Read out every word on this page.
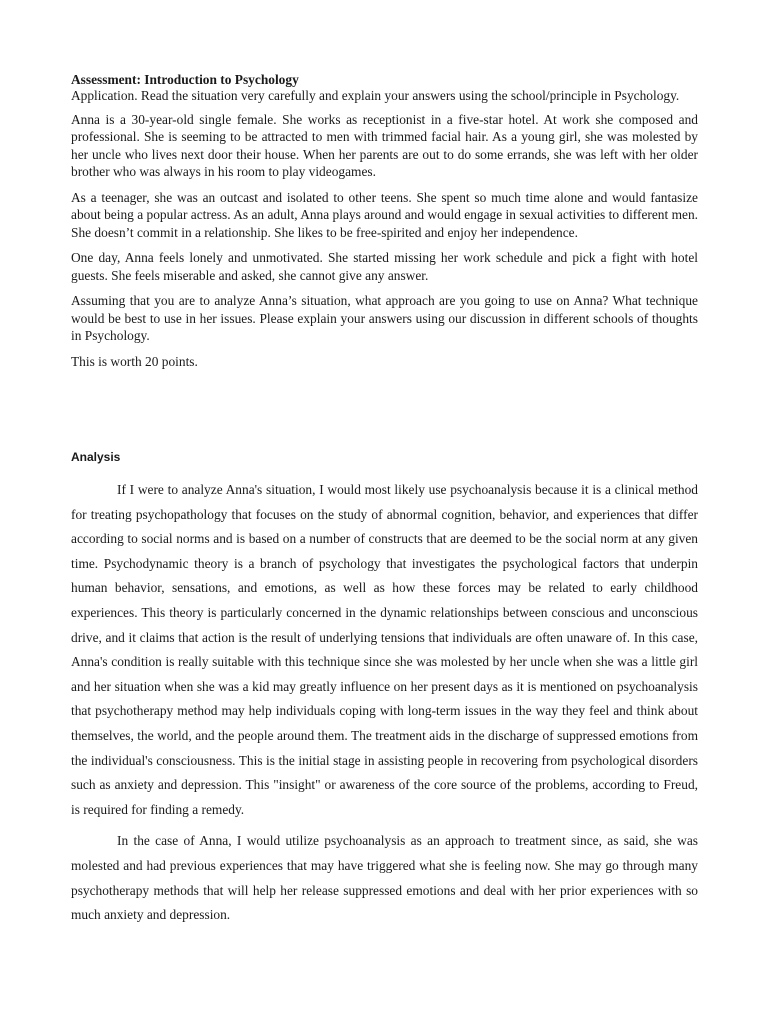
Assessment: Introduction to Psychology

Application. Read the situation very carefully and explain your answers using the school/principle in Psychology.

Anna is a 30-year-old single female. She works as receptionist in a five-star hotel. At work she composed and professional. She is seeming to be attracted to men with trimmed facial hair. As a young girl, she was molested by her uncle who lives next door their house. When her parents are out to do some errands, she was left with her older brother who was always in his room to play videogames.

As a teenager, she was an outcast and isolated to other teens. She spent so much time alone and would fantasize about being a popular actress. As an adult, Anna plays around and would engage in sexual activities to different men. She doesn’t commit in a relationship. She likes to be free-spirited and enjoy her independence.

One day, Anna feels lonely and unmotivated. She started missing her work schedule and pick a fight with hotel guests. She feels miserable and asked, she cannot give any answer.

Assuming that you are to analyze Anna’s situation, what approach are you going to use on Anna? What technique would be best to use in her issues. Please explain your answers using our discussion in different schools of thoughts in Psychology.

This is worth 20 points.

Analysis

If I were to analyze Anna's situation, I would most likely use psychoanalysis because it is a clinical method for treating psychopathology that focuses on the study of abnormal cognition, behavior, and experiences that differ according to social norms and is based on a number of constructs that are deemed to be the social norm at any given time. Psychodynamic theory is a branch of psychology that investigates the psychological factors that underpin human behavior, sensations, and emotions, as well as how these forces may be related to early childhood experiences. This theory is particularly concerned in the dynamic relationships between conscious and unconscious drive, and it claims that action is the result of underlying tensions that individuals are often unaware of. In this case, Anna's condition is really suitable with this technique since she was molested by her uncle when she was a little girl and her situation when she was a kid may greatly influence on her present days as it is mentioned on psychoanalysis that psychotherapy method may help individuals coping with long-term issues in the way they feel and think about themselves, the world, and the people around them. The treatment aids in the discharge of suppressed emotions from the individual's consciousness. This is the initial stage in assisting people in recovering from psychological disorders such as anxiety and depression. This "insight" or awareness of the core source of the problems, according to Freud, is required for finding a remedy.

In the case of Anna, I would utilize psychoanalysis as an approach to treatment since, as said, she was molested and had previous experiences that may have triggered what she is feeling now. She may go through many psychotherapy methods that will help her release suppressed emotions and deal with her prior experiences with so much anxiety and depression.
